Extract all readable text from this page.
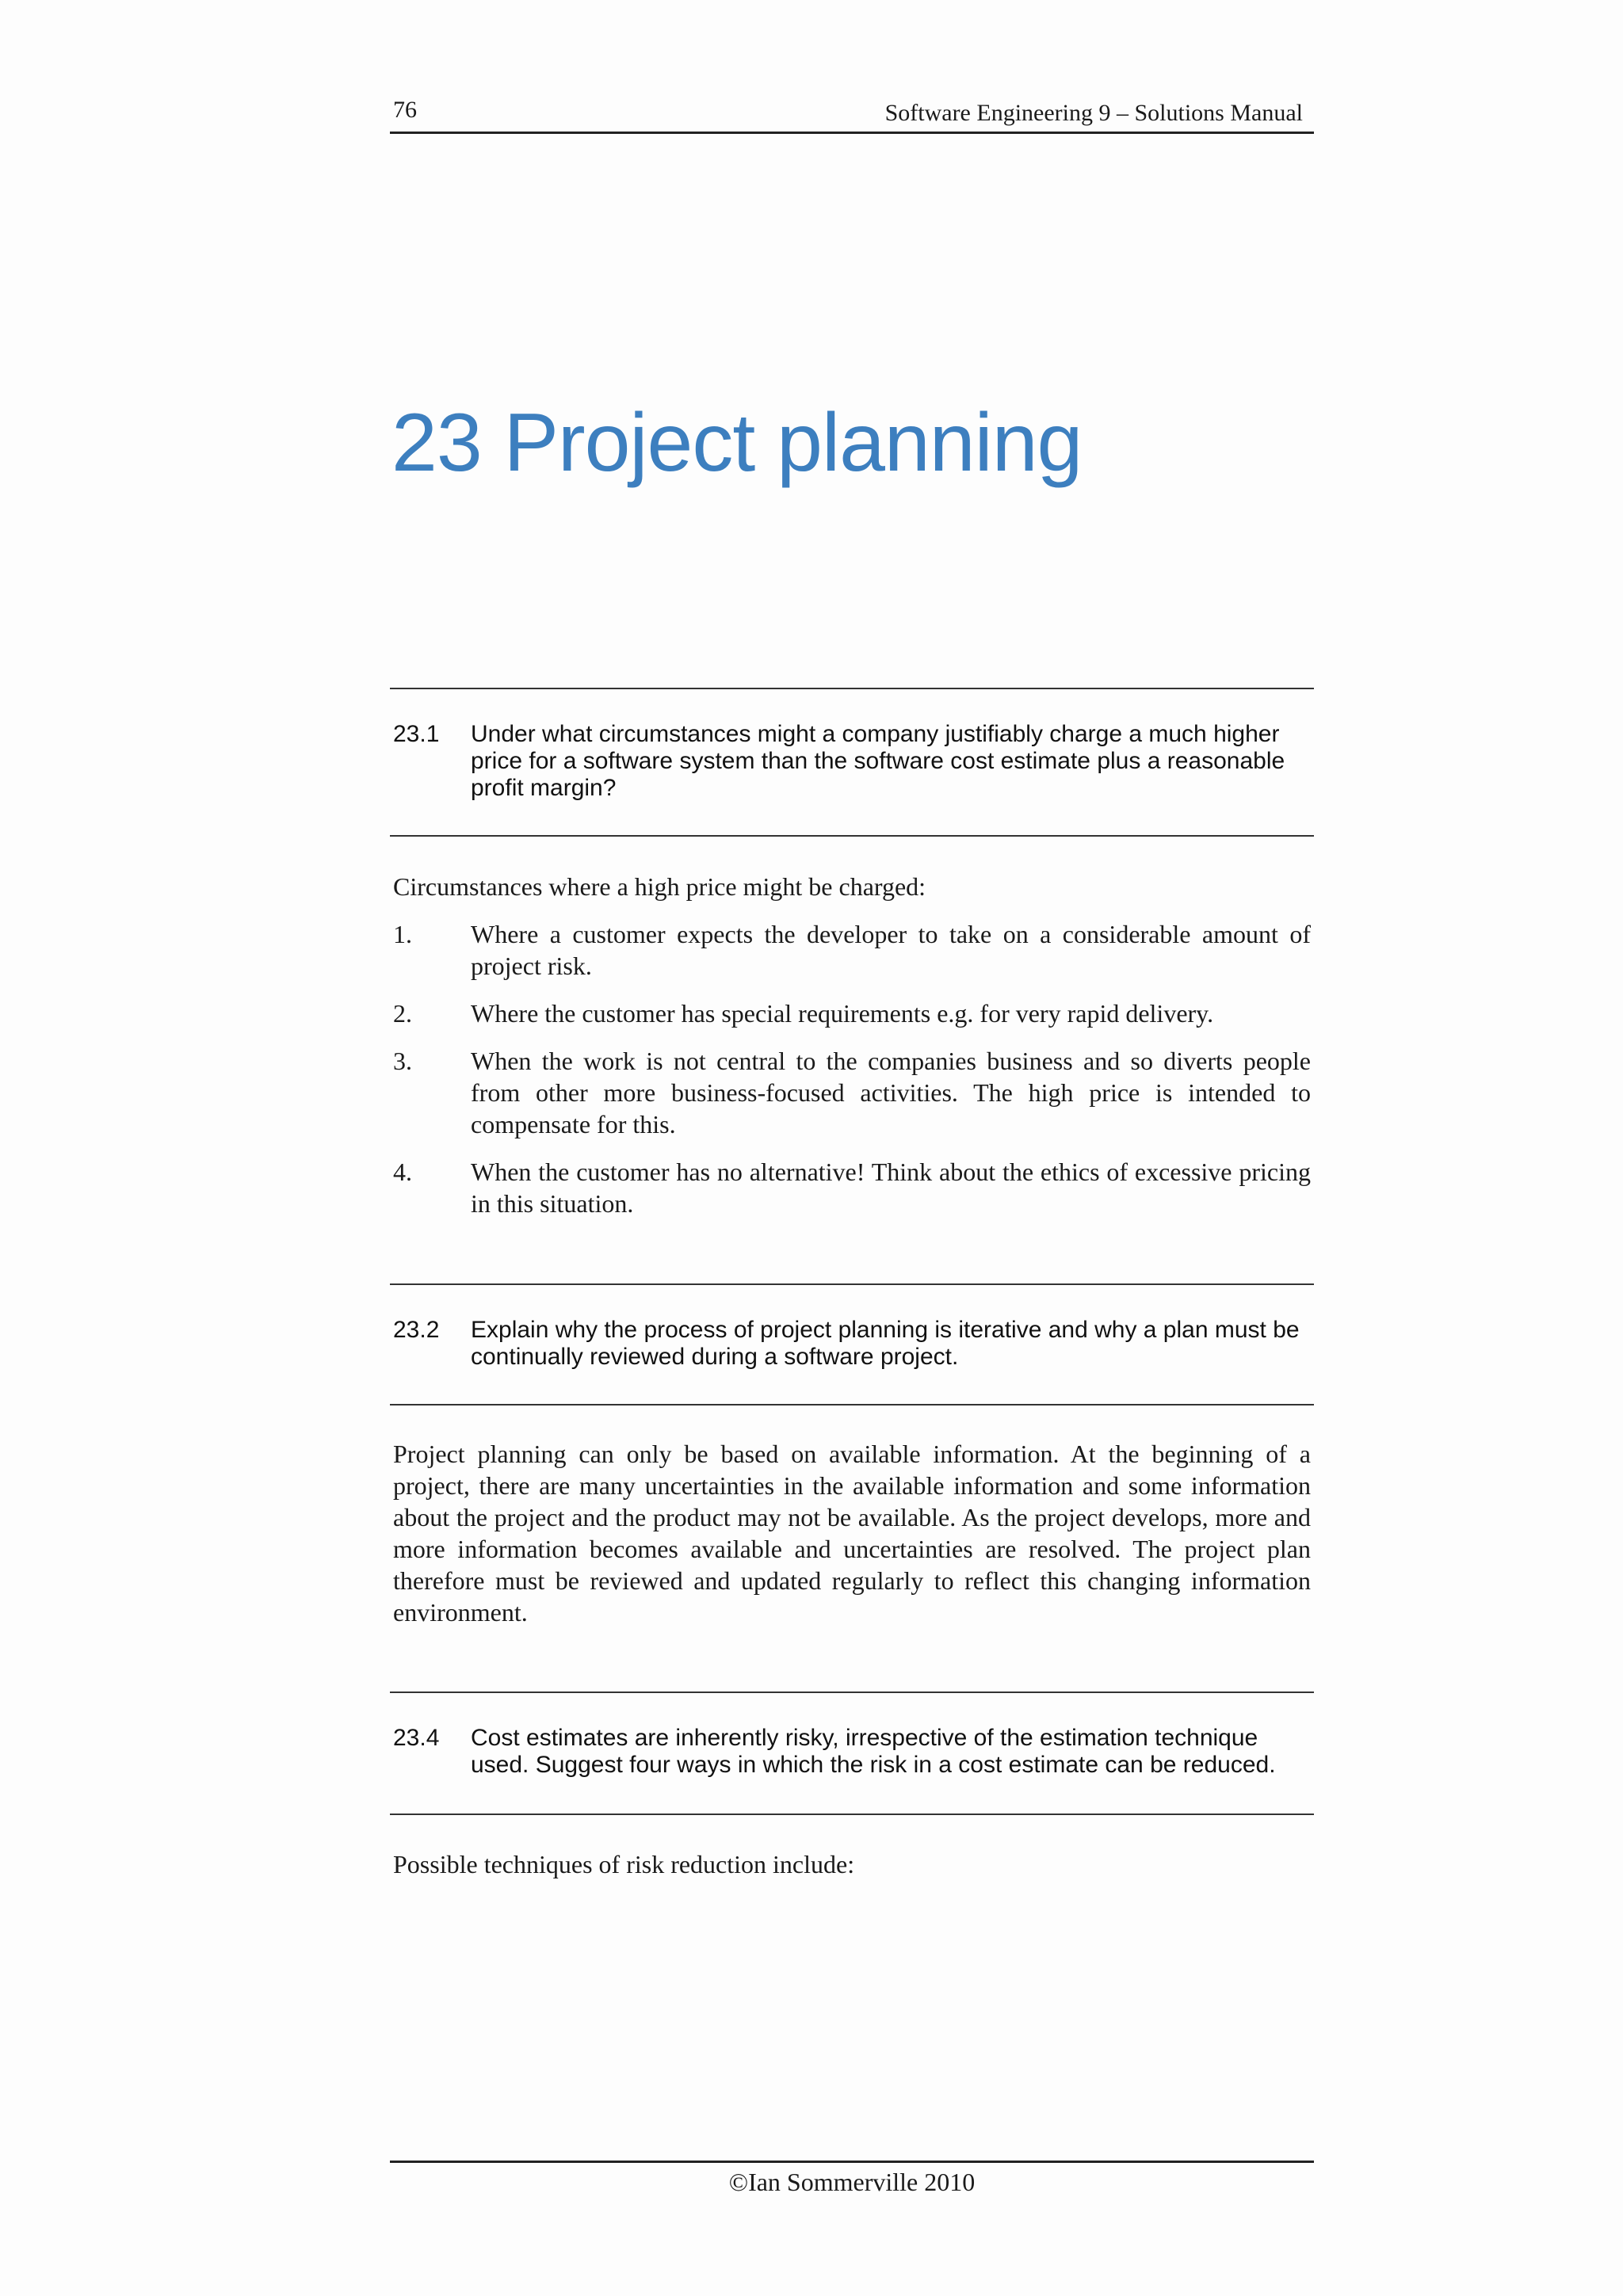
76	Software Engineering 9 – Solutions Manual
23 Project planning
23.1 Under what circumstances might a company justifiably charge a much higher price for a software system than the software cost estimate plus a reasonable profit margin?
Circumstances where a high price might be charged:
1. Where a customer expects the developer to take on a considerable amount of project risk.
2. Where the customer has special requirements e.g. for very rapid delivery.
3. When the work is not central to the companies business and so diverts people from other more business-focused activities. The high price is intended to compensate for this.
4. When the customer has no alternative! Think about the ethics of excessive pricing in this situation.
23.2 Explain why the process of project planning is iterative and why a plan must be continually reviewed during a software project.
Project planning can only be based on available information. At the beginning of a project, there are many uncertainties in the available information and some information about the project and the product may not be available. As the project develops, more and more information becomes available and uncertainties are resolved. The project plan therefore must be reviewed and updated regularly to reflect this changing information environment.
23.4 Cost estimates are inherently risky, irrespective of the estimation technique used. Suggest four ways in which the risk in a cost estimate can be reduced.
Possible techniques of risk reduction include:
©Ian Sommerville 2010
